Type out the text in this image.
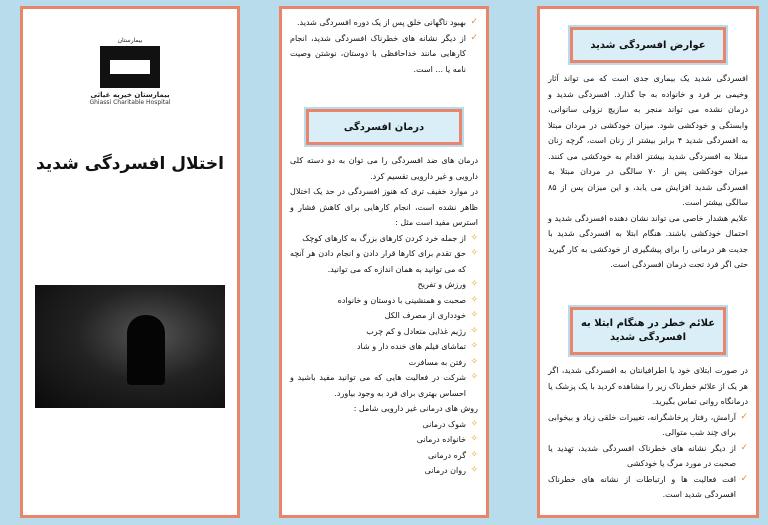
بیمارستان
بیمارستان خیریه غیاثی
Ghiassi Charitable Hospital
اختلال افسردگی شدید
✓ بهبود ناگهانی خلق پس از یک دوره افسردگی شدید.
✓ از دیگر نشانه های خطرناک افسردگی شدید، انجام کارهایی مانند خداحافظی با دوستان، نوشتن وصیت نامه یا ... است.
درمان افسردگی
درمان های ضد افسردگی را می توان به دو دسته کلی دارویی و غیر دارویی تقسیم کرد.
در موارد خفیف تری که هنوز افسردگی در حد یک اختلال ظاهر نشده است، انجام کارهایی برای کاهش فشار و استرس مفید است مثل :
✧ از جمله خرد کردن کارهای بزرگ به کارهای کوچک
✧ حق تقدم برای کارها قرار دادن و انجام دادن هر آنچه که می توانید به همان اندازه که می توانید.
✧ ورزش و تفریح
✧ صحبت و همنشینی با دوستان و خانواده
✧ خودداری از مصرف الکل
✧ رژیم غذایی متعادل و کم چرب
✧ تماشای فیلم های خنده دار و شاد
✧ رفتن به مسافرت
✧ شرکت در فعالیت هایی که می توانید مفید باشید و احساس بهتری برای فرد به وجود بیاورد.
روش های درمانی غیر دارویی شامل :
✧ شوک درمانی
✧ خانواده درمانی
✧ گره درمانی
✧ روان درمانی
عوارض افسردگی شدید
افسردگی شدید یک بیماری جدی است که می تواند آثار وخیمی بر فرد و خانواده به جا گذارد. افسردگی شدید و درمان نشده می تواند منجر به سازیچ نزولی سانوانی، وابستگی و خودکشی شود. میزان خودکشی در مردان مبتلا به افسردگی شدید ۴ برابر بیشتر از زنان است، گرچه زنان مبتلا به افسردگی شدید بیشتر اقدام به خودکشی می کنند. میزان خودکشی پس از ۷۰ سالگی در مردان مبتلا به افسردگی شدید افزایش می یابد، و این میزان پس از ۸۵ سالگی بیشتر است.
علایم هشدار خاصی می تواند نشان دهنده افسردگی شدید و احتمال خودکشی باشند. هنگام ابتلا به افسردگی شدید با جدیت هر درمانی را برای پیشگیری از خودکشی به کار گیرید حتی اگر فرد تحت درمان افسردگی است.
علائم خطر در هنگام ابتلا به افسردگی شدید
در صورت ابتلای خود یا اطرافیانتان به افسردگی شدید، اگر هر یک از علائم خطرناک زیر را مشاهده کردید با یک پزشک یا درمانگاه روانی تماس بگیرید.
✓ آرامش، رفتار پرخاشگرانه، تغییرات خلقی زیاد و بیخوابی برای چند شب متوالی.
✓ از دیگر نشانه های خطرناک افسردگی شدید، تهدید یا صحبت در مورد مرگ یا خودکشی
✓ افت فعالیت ها و ارتباطات از نشانه های خطرناک افسردگی شدید است.
